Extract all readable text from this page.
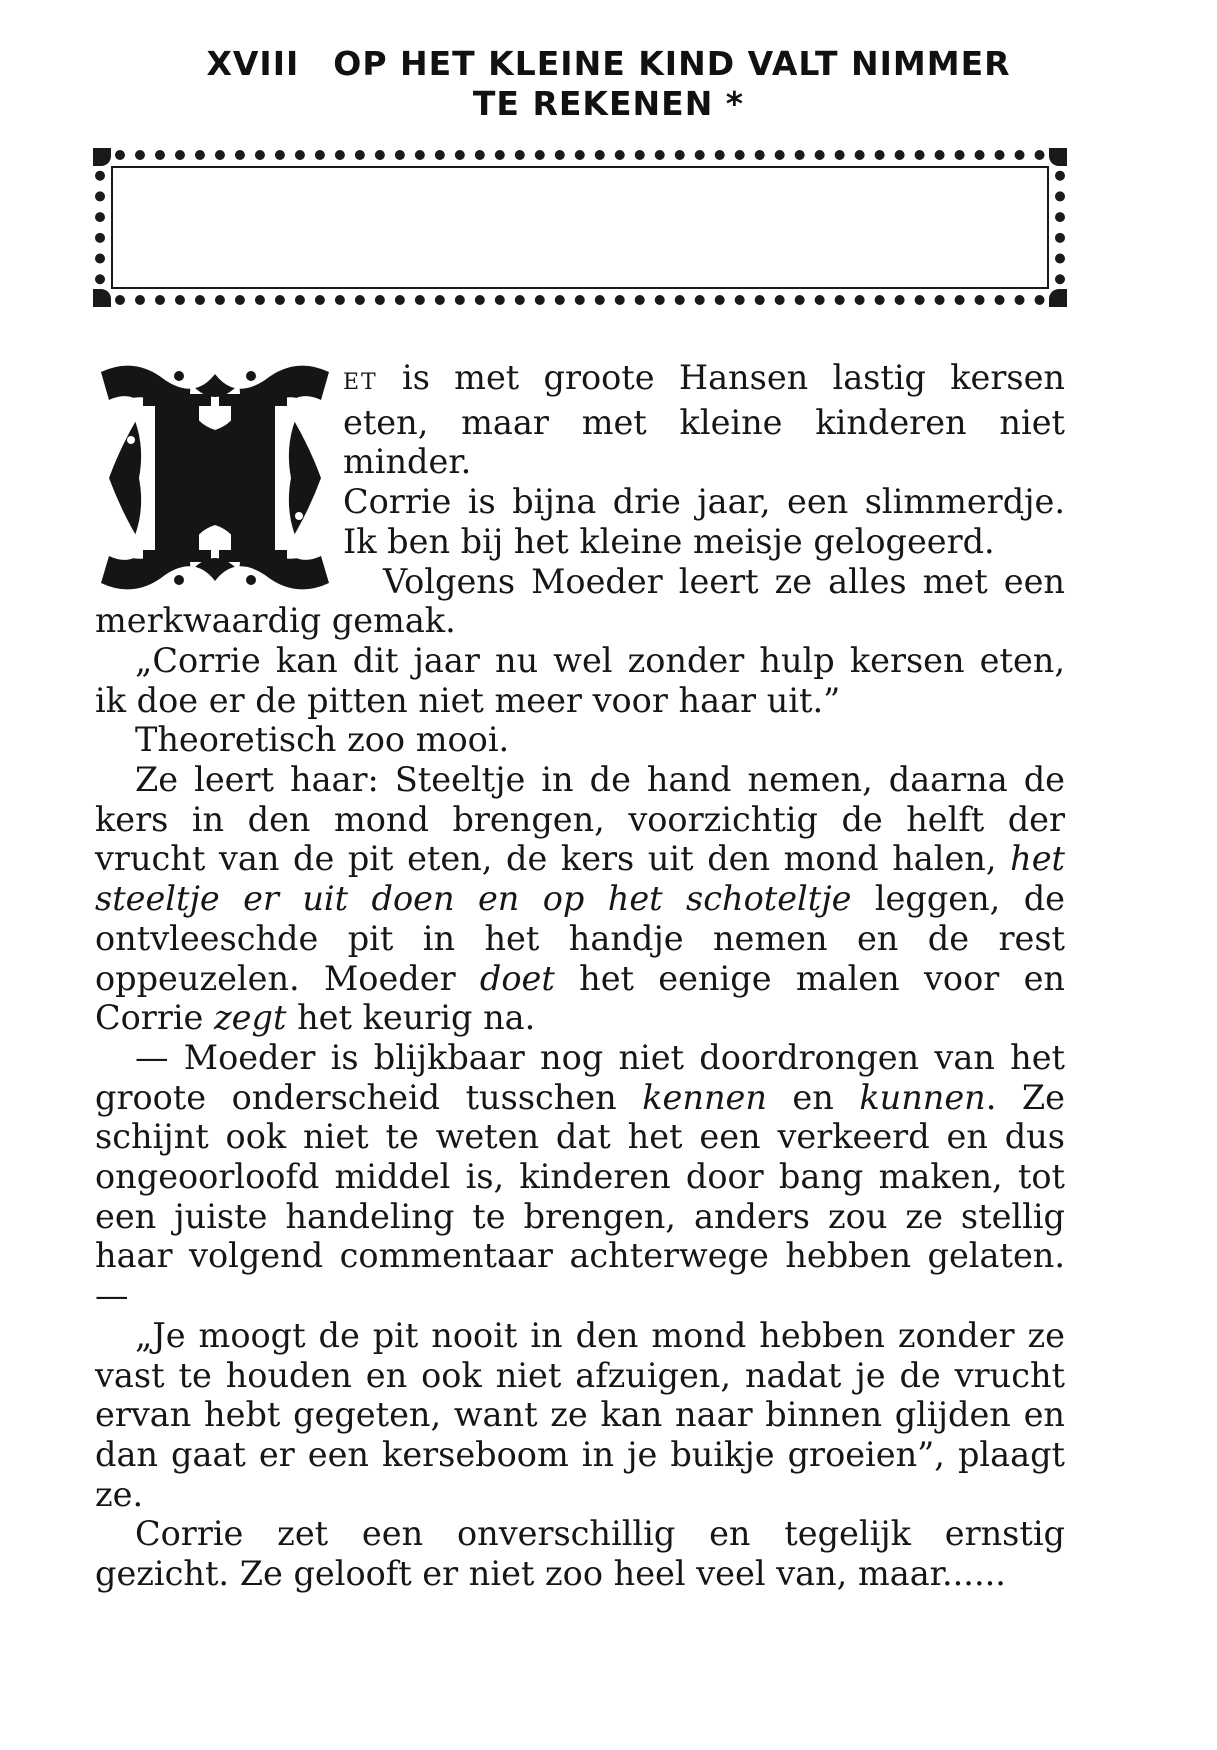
XVIII OP HET KLEINE KIND VALT NIMMER
TE REKENEN *

ET is met groote Hansen lastig kersen eten, maar met kleine kinderen niet minder.

Corrie is bijna drie jaar, een slimmerdje. Ik ben bij het kleine meisje gelogeerd.

Volgens Moeder leert ze alles met een merkwaardig gemak.

„Corrie kan dit jaar nu wel zonder hulp kersen eten, ik doe er de pitten niet meer voor haar uit.”

Theoretisch zoo mooi.

Ze leert haar: Steeltje in de hand nemen, daarna de kers in den mond brengen, voorzichtig de helft der vrucht van de pit eten, de kers uit den mond halen, het steeltje er uit doen en op het schoteltje leggen, de ontvleeschde pit in het handje nemen en de rest oppeuzelen. Moeder doet het eenige malen voor en Corrie zegt het keurig na.

— Moeder is blijkbaar nog niet doordrongen van het groote onderscheid tusschen kennen en kunnen. Ze schijnt ook niet te weten dat het een verkeerd en dus ongeoorloofd middel is, kinderen door bang maken, tot een juiste handeling te brengen, anders zou ze stellig haar volgend commentaar achterwege hebben gelaten. —

„Je moogt de pit nooit in den mond hebben zonder ze vast te houden en ook niet afzuigen, nadat je de vrucht ervan hebt gegeten, want ze kan naar binnen glijden en dan gaat er een kerseboom in je buikje groeien”, plaagt ze.

Corrie zet een onverschillig en tegelijk ernstig gezicht. Ze gelooft er niet zoo heel veel van, maar......
